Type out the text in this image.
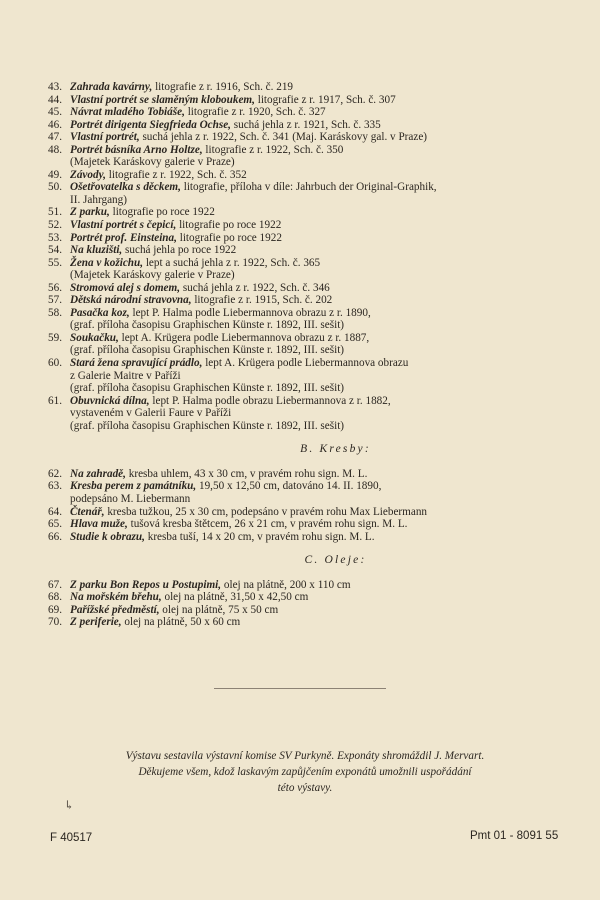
43. Zahrada kavárny, litografie z r. 1916, Sch. č. 219
44. Vlastní portrét se slaměným kloboukem, litografie z r. 1917, Sch. č. 307
45. Návrat mladého Tobiáše, litografie z r. 1920, Sch. č. 327
46. Portrét dirigenta Siegfrieda Ochse, suchá jehla z r. 1921, Sch. č. 335
47. Vlastní portrét, suchá jehla z r. 1922, Sch. č. 341 (Maj. Karáskovy gal. v Praze)
48. Portrét básníka Arno Holtze, litografie z r. 1922, Sch. č. 350
(Majetek Karáskovy galerie v Praze)
49. Závody, litografie z r. 1922, Sch. č. 352
50. Ošetřovatelka s děckem, litografie, příloha v díle: Jahrbuch der Original-Graphik,
II. Jahrgang)
51. Z parku, litografie po roce 1922
52. Vlastní portrét s čepicí, litografie po roce 1922
53. Portrét prof. Einsteina, litografie po roce 1922
54. Na kluzišti, suchá jehla po roce 1922
55. Žena v kožichu, lept a suchá jehla z r. 1922, Sch. č. 365
(Majetek Karáskovy galerie v Praze)
56. Stromová alej s domem, suchá jehla z r. 1922, Sch. č. 346
57. Dětská národní stravovna, litografie z r. 1915, Sch. č. 202
58. Pasačka koz, lept P. Halma podle Liebermannova obrazu z r. 1890,
(graf. příloha časopisu Graphischen Künste r. 1892, III. sešit)
59. Soukačku, lept A. Krügera podle Liebermannova obrazu z r. 1887,
(graf. příloha časopisu Graphischen Künste r. 1892, III. sešit)
60. Stará žena spravující prádlo, lept A. Krügera podle Liebermannova obrazu
z Galerie Maitre v Paříži
(graf. příloha časopisu Graphischen Künste r. 1892, III. sešit)
61. Obuvnická dílna, lept P. Halma podle obrazu Liebermannova z r. 1882,
vystaveném v Galerii Faure v Paříži
(graf. příloha časopisu Graphischen Künste r. 1892, III. sešit)
B. Kresby:
62. Na zahradě, kresba uhlem, 43 x 30 cm, v pravém rohu sign. M. L.
63. Kresba perem z památníku, 19,50 x 12,50 cm, datováno 14. II. 1890,
podepsáno M. Liebermann
64. Čtenář, kresba tužkou, 25 x 30 cm, podepsáno v pravém rohu Max Liebermann
65. Hlava muže, tušová kresba štětcem, 26 x 21 cm, v pravém rohu sign. M. L.
66. Studie k obrazu, kresba tuší, 14 x 20 cm, v pravém rohu sign. M. L.
C. Oleje:
67. Z parku Bon Repos u Postupimi, olej na plátně, 200 x 110 cm
68. Na mořském břehu, olej na plátně, 31,50 x 42,50 cm
69. Pařížské předměstí, olej na plátně, 75 x 50 cm
70. Z periferie, olej na plátně, 50 x 60 cm
Výstavu sestavila výstavní komise SV Purkyně. Exponáty shromáždil J. Mervart.
Děkujeme všem, kdož laskavým zapůjčením exponátů umožnili uspořádání
této výstavy.
↳
F 40517	Pmt 01 - 8091 55
